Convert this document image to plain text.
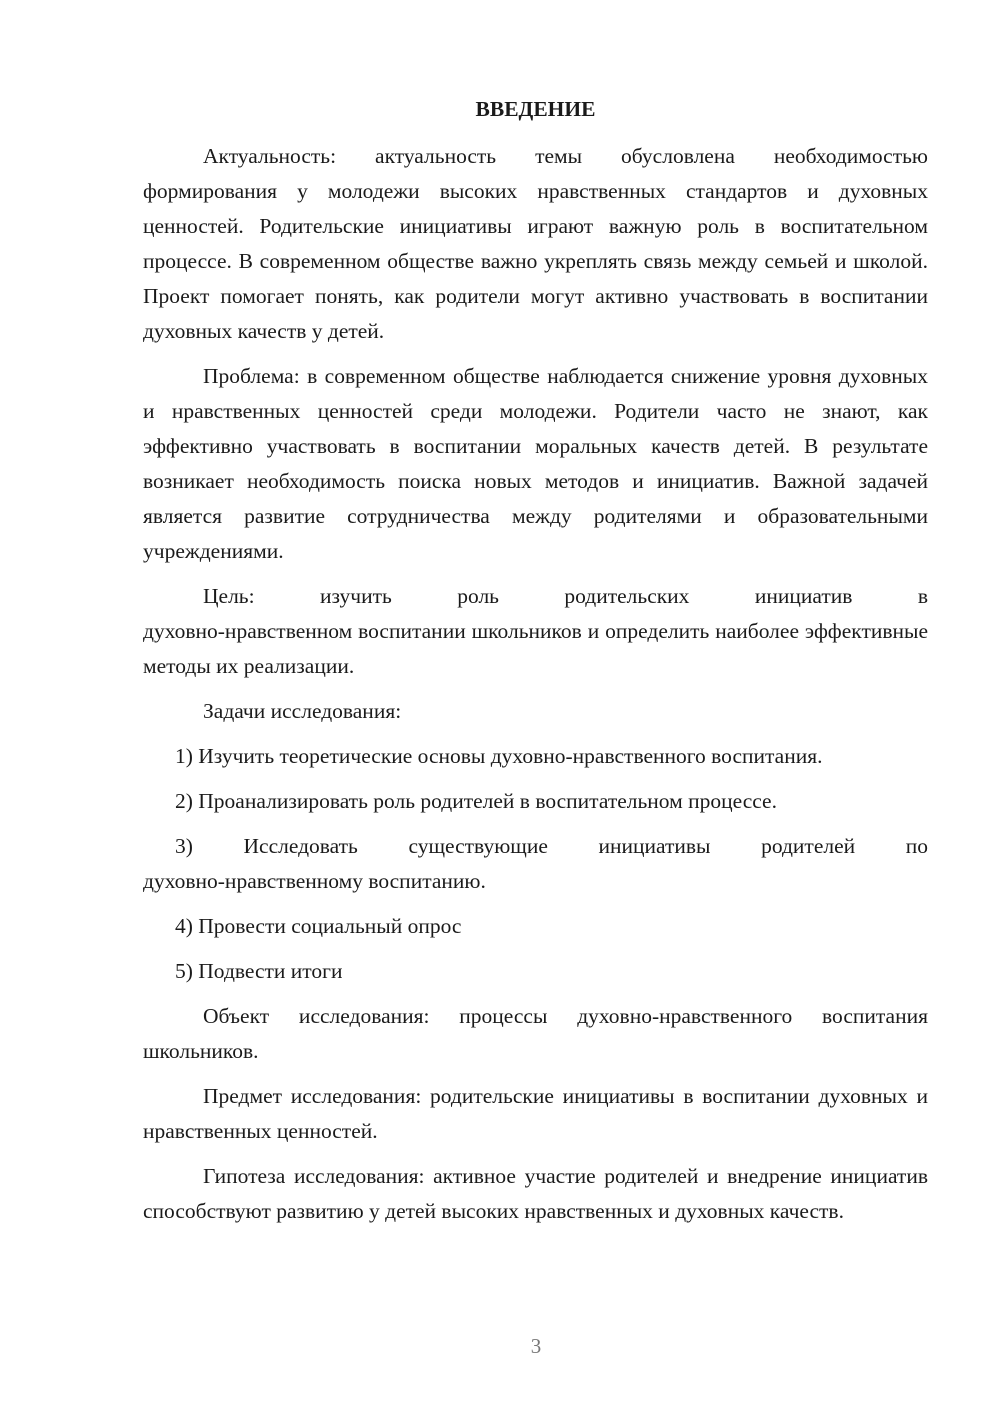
ВВЕДЕНИЕ

Актуальность: актуальность темы обусловлена необходимостью формирования у молодежи высоких нравственных стандартов и духовных ценностей. Родительские инициативы играют важную роль в воспитательном процессе. В современном обществе важно укреплять связь между семьей и школой. Проект помогает понять, как родители могут активно участвовать в воспитании духовных качеств у детей.

Проблема: в современном обществе наблюдается снижение уровня духовных и нравственных ценностей среди молодежи. Родители часто не знают, как эффективно участвовать в воспитании моральных качеств детей. В результате возникает необходимость поиска новых методов и инициатив. Важной задачей является развитие сотрудничества между родителями и образовательными учреждениями.

Цель: изучить роль родительских инициатив в
духовно-нравственном воспитании школьников и определить наиболее эффективные методы их реализации.

Задачи исследования:

1) Изучить теоретические основы духовно-нравственного воспитания.

2) Проанализировать роль родителей в воспитательном процессе.

3) Исследовать существующие инициативы родителей по
духовно-нравственному воспитанию.

4) Провести социальный опрос

5) Подвести итоги

Объект исследования: процессы духовно-нравственного воспитания школьников.

Предмет исследования: родительские инициативы в воспитании духовных и нравственных ценностей.

Гипотеза исследования: активное участие родителей и внедрение инициатив способствуют развитию у детей высоких нравственных и духовных качеств.

3
